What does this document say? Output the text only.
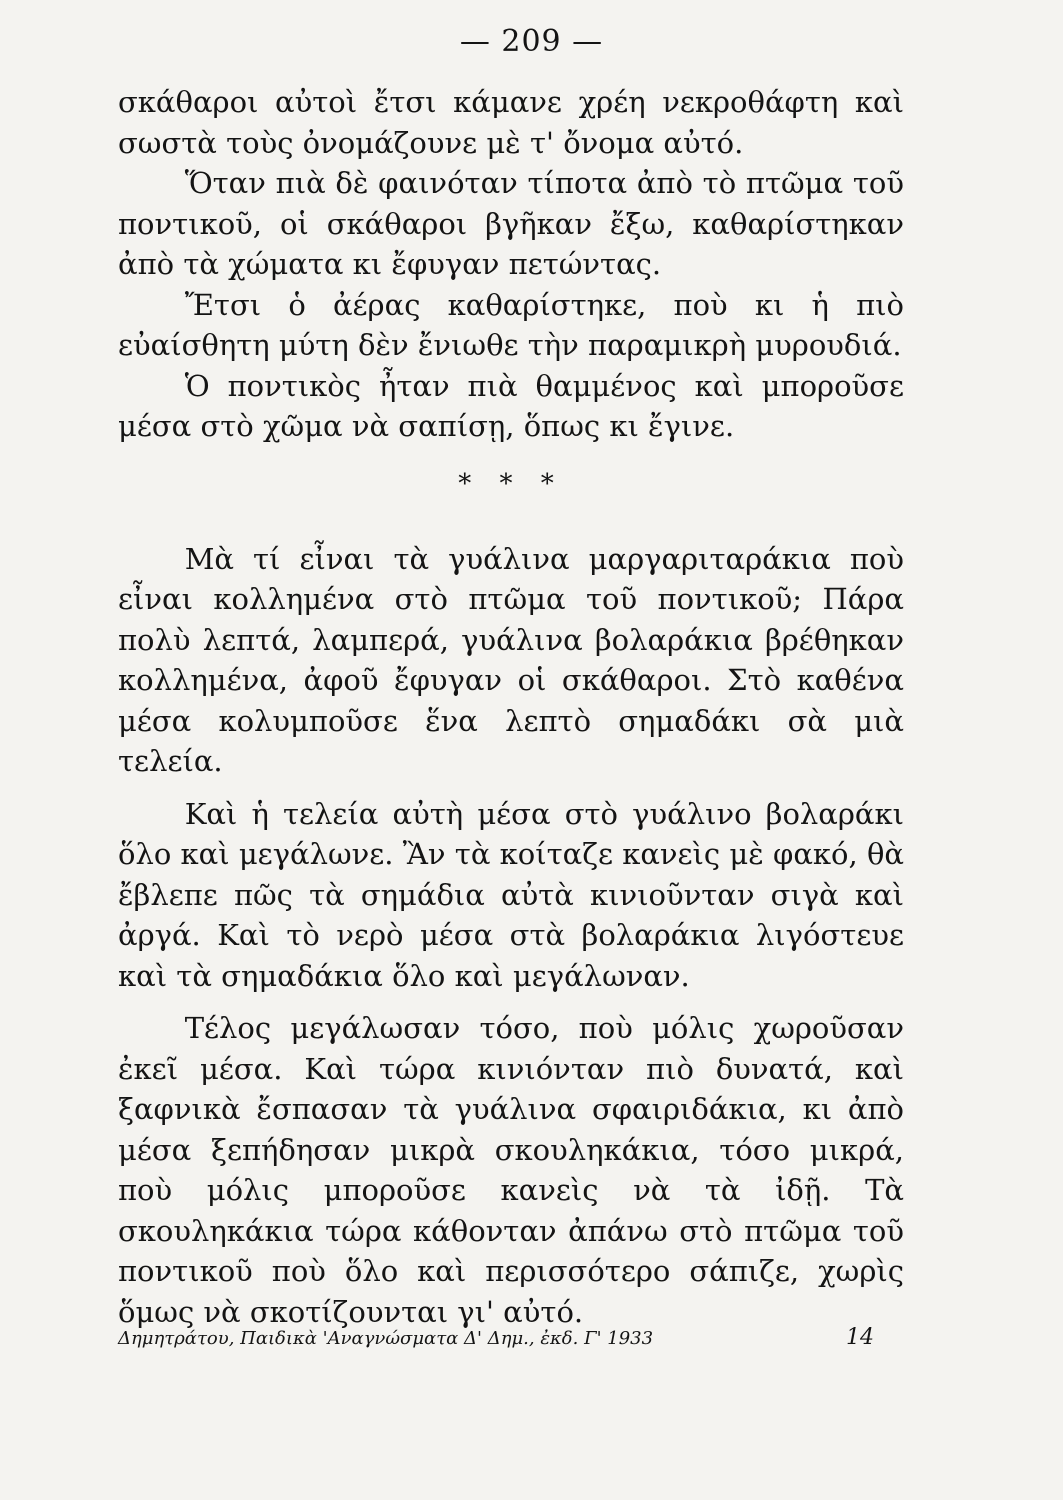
— 209 —

σκάθαροι αὐτοὶ ἔτσι κάμανε χρέη νεκροθάφτη καὶ σωστὰ τοὺς ὀνομάζουνε μὲ τ' ὄνομα αὐτό.

Ὅταν πιὰ δὲ φαινόταν τίποτα ἀπὸ τὸ πτῶμα τοῦ ποντικοῦ, οἱ σκάθαροι βγῆκαν ἔξω, καθαρίστηκαν ἀπὸ τὰ χώματα κι ἔφυγαν πετώντας.

Ἔτσι ὁ ἀέρας καθαρίστηκε, ποὺ κι ἡ πιὸ εὐαίσθητη μύτη δὲν ἔνιωθε τὴν παραμικρὴ μυρουδιά.

Ὁ ποντικὸς ἦταν πιὰ θαμμένος καὶ μποροῦσε μέσα στὸ χῶμα νὰ σαπίσῃ, ὅπως κι ἔγινε.

* * *

Μὰ τί εἶναι τὰ γυάλινα μαργαριταράκια ποὺ εἶναι κολλημένα στὸ πτῶμα τοῦ ποντικοῦ; Πάρα πολὺ λεπτά, λαμπερά, γυάλινα βολαράκια βρέθηκαν κολλημένα, ἀφοῦ ἔφυγαν οἱ σκάθαροι. Στὸ καθένα μέσα κολυμποῦσε ἕνα λεπτὸ σημαδάκι σὰ μιὰ τελεία.

Καὶ ἡ τελεία αὐτὴ μέσα στὸ γυάλινο βολαράκι ὅλο καὶ μεγάλωνε. Ἂν τὰ κοίταζε κανεὶς μὲ φακό, θὰ ἔβλεπε πῶς τὰ σημάδια αὐτὰ κινιοῦνταν σιγὰ καὶ ἀργά. Καὶ τὸ νερὸ μέσα στὰ βολαράκια λιγόστευε καὶ τὰ σημαδάκια ὅλο καὶ μεγάλωναν.

Τέλος μεγάλωσαν τόσο, ποὺ μόλις χωροῦσαν ἐκεῖ μέσα. Καὶ τώρα κινιόνταν πιὸ δυνατά, καὶ ξαφνικὰ ἔσπασαν τὰ γυάλινα σφαιριδάκια, κι ἀπὸ μέσα ξεπήδησαν μικρὰ σκουληκάκια, τόσο μικρά, ποὺ μόλις μποροῦσε κανεὶς νὰ τὰ ἰδῇ. Τὰ σκουληκάκια τώρα κάθονταν ἀπάνω στὸ πτῶμα τοῦ ποντικοῦ ποὺ ὅλο καὶ περισσότερο σάπιζε, χωρὶς ὅμως νὰ σκοτίζουνται γι' αὐτό.

Δημητράτου, Παιδικὰ 'Αναγνώσματα Δ' Δημ., ἐκδ. Γ' 1933	14
